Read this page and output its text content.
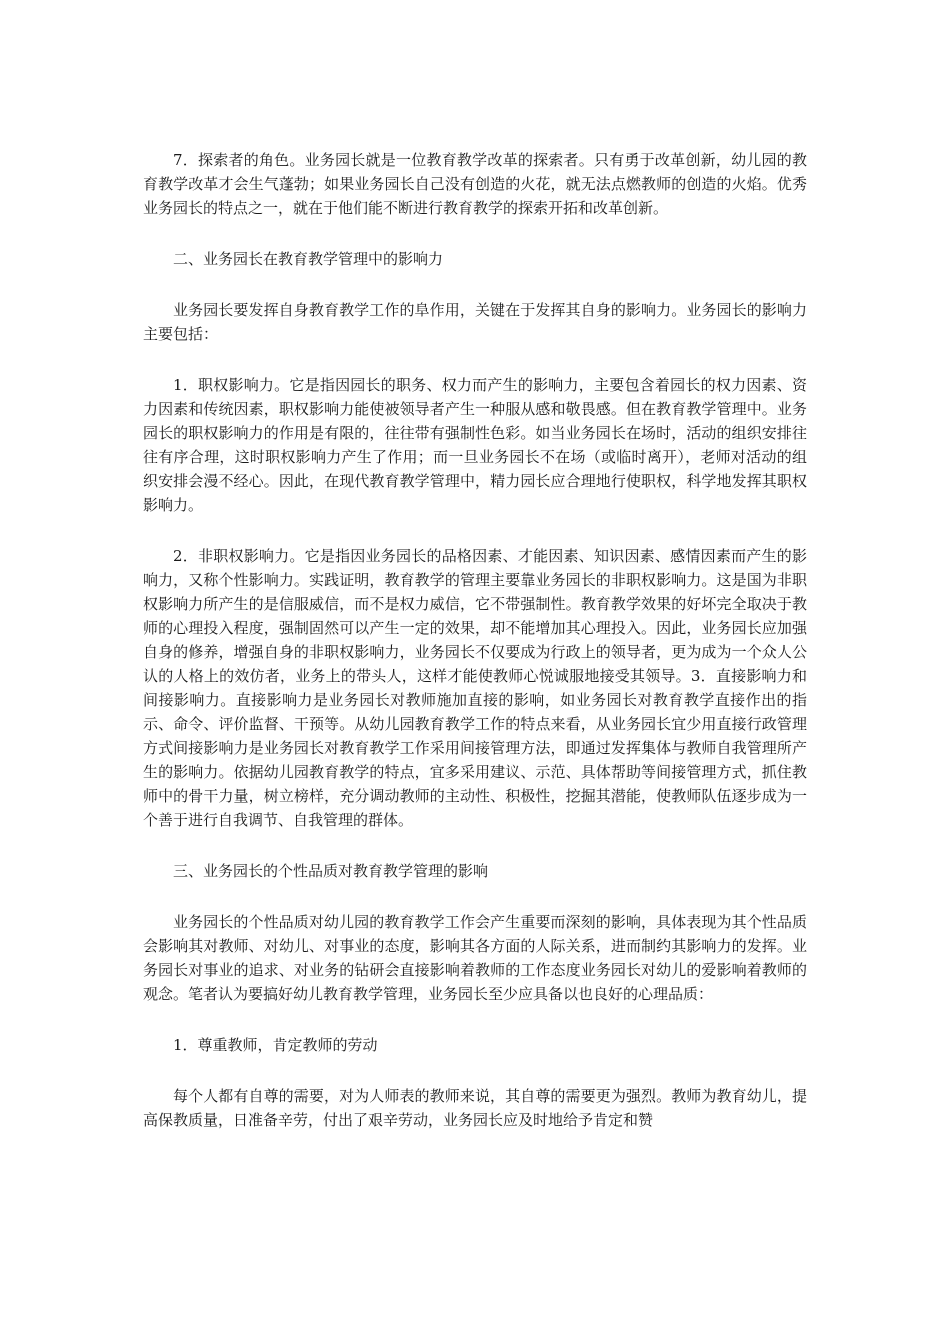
7．探索者的角色。业务园长就是一位教育教学改革的探索者。只有勇于改革创新，幼儿园的教育教学改革才会生气蓬勃；如果业务园长自己没有创造的火花，就无法点燃教师的创造的火焰。优秀业务园长的特点之一，就在于他们能不断进行教育教学的探索开拓和改革创新。

二、业务园长在教育教学管理中的影响力

业务园长要发挥自身教育教学工作的阜作用，关键在于发挥其自身的影响力。业务园长的影响力主要包括：

1．职权影响力。它是指因园长的职务、权力而产生的影响力，主要包含着园长的权力因素、资力因素和传统因素，职权影响力能使被领导者产生一种服从感和敬畏感。但在教育教学管理中。业务园长的职权影响力的作用是有限的，往往带有强制性色彩。如当业务园长在场时，活动的组织安排往往有序合理，这时职权影响力产生了作用；而一旦业务园长不在场（或临时离开），老师对活动的组织安排会漫不经心。因此，在现代教育教学管理中，精力园长应合理地行使职权，科学地发挥其职权影响力。

2．非职权影响力。它是指因业务园长的品格因素、才能因素、知识因素、感情因素而产生的影响力，又称个性影响力。实践证明，教育教学的管理主要靠业务园长的非职权影响力。这是国为非职权影响力所产生的是信服威信，而不是权力威信，它不带强制性。教育教学效果的好坏完全取决于教师的心理投入程度，强制固然可以产生一定的效果，却不能增加其心理投入。因此，业务园长应加强自身的修养，增强自身的非职权影响力，业务园长不仅要成为行政上的领导者，更为成为一个众人公认的人格上的效仿者，业务上的带头人，这样才能使教师心悦诚服地接受其领导。3．直接影响力和间接影响力。直接影响力是业务园长对教师施加直接的影响，如业务园长对教育教学直接作出的指示、命令、评价监督、干预等。从幼儿园教育教学工作的特点来看，从业务园长宜少用直接行政管理方式间接影响力是业务园长对教育教学工作采用间接管理方法，即通过发挥集体与教师自我管理所产生的影响力。依据幼儿园教育教学的特点，宜多采用建议、示范、具体帮助等间接管理方式，抓住教师中的骨干力量，树立榜样，充分调动教师的主动性、积极性，挖掘其潜能，使教师队伍逐步成为一个善于进行自我调节、自我管理的群体。

三、业务园长的个性品质对教育教学管理的影响

业务园长的个性品质对幼儿园的教育教学工作会产生重要而深刻的影响，具体表现为其个性品质会影响其对教师、对幼儿、对事业的态度，影响其各方面的人际关系，进而制约其影响力的发挥。业务园长对事业的追求、对业务的钻研会直接影响着教师的工作态度业务园长对幼儿的爱影响着教师的观念。笔者认为要搞好幼儿教育教学管理，业务园长至少应具备以也良好的心理品质：

1．尊重教师，肯定教师的劳动

每个人都有自尊的需要，对为人师表的教师来说，其自尊的需要更为强烈。教师为教育幼儿，提高保教质量，日准备辛劳，付出了艰辛劳动，业务园长应及时地给予肯定和赞
